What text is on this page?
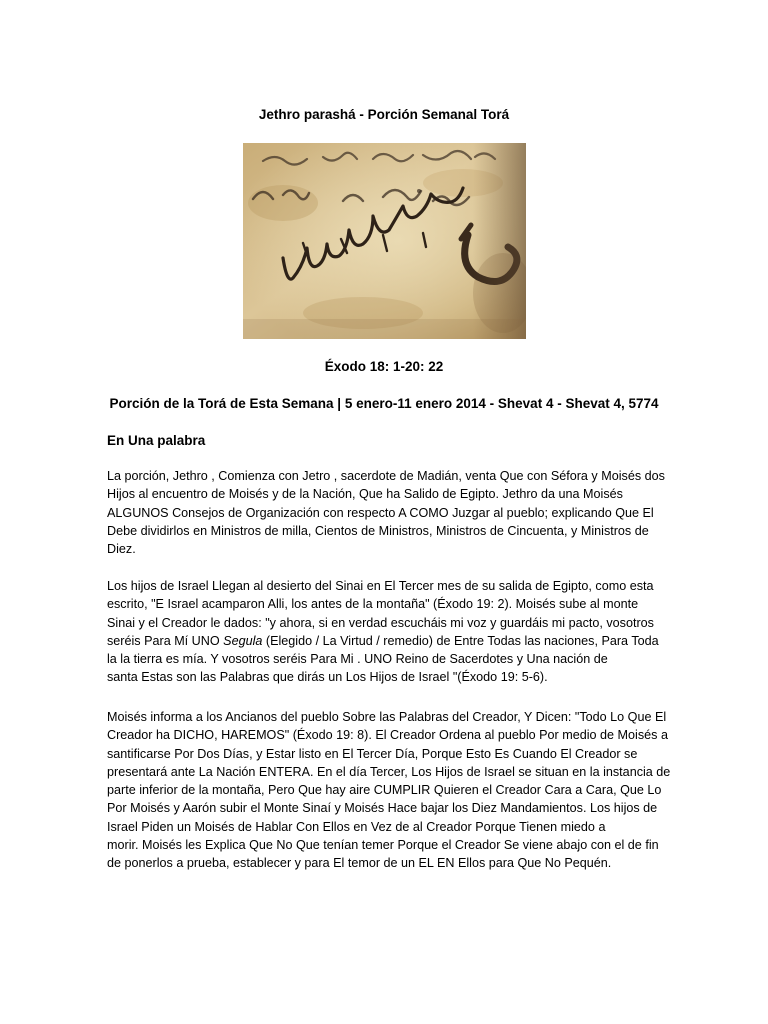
Jethro parashá - Porción Semanal Torá
Éxodo 18: 1-20: 22
Porción de la Torá de Esta Semana | 5 enero-11 enero 2014 - Shevat 4 - Shevat 4, 5774
En Una palabra
La porción, Jethro , Comienza con Jetro , sacerdote de Madián, venta Que con Séfora y Moisés dos
Hijos al encuentro de Moisés y de la Nación, Que ha Salido de Egipto. Jethro da una Moisés
ALGUNOS Consejos de Organización con respecto A COMO Juzgar al pueblo; explicando Que El
Debe dividirlos en Ministros de milla, Cientos de Ministros, Ministros de Cincuenta, y Ministros de
Diez.
Los hijos de Israel Llegan al desierto del Sinai en El Tercer mes de su salida de Egipto, como esta
escrito, "E Israel acamparon Alli, los antes de la montaña" (Éxodo 19: 2). Moisés sube al monte
Sinai y el Creador le dados: "y ahora, si en verdad escucháis mi voz y guardáis mi pacto, vosotros
seréis Para Mí UNO Segula (Elegido / La Virtud / remedio) de Entre Todas las naciones, Para Toda
la la tierra es mía. Y vosotros seréis Para Mi . UNO Reino de Sacerdotes y Una nación de
santa Estas son las Palabras que dirás un Los Hijos de Israel "(Éxodo 19: 5-6).
Moisés informa a los Ancianos del pueblo Sobre las Palabras del Creador, Y Dicen: "Todo Lo Que El
Creador ha DICHO, HAREMOS" (Éxodo 19: 8). El Creador Ordena al pueblo Por medio de Moisés a
santificarse Por Dos Días, y Estar listo en El Tercer Día, Porque Esto Es Cuando El Creador se
presentará ante La Nación ENTERA. En el día Tercer, Los Hijos de Israel se situan en la instancia de
parte inferior de la montaña, Pero Que hay aire CUMPLIR Quieren el Creador Cara a Cara, Que Lo
Por Moisés y Aarón subir el Monte Sinaí y Moisés Hace bajar los Diez Mandamientos. Los hijos de
Israel Piden un Moisés de Hablar Con Ellos en Vez de al Creador Porque Tienen miedo a
morir. Moisés les Explica Que No Que tenían temer Porque el Creador Se viene abajo con el de fin
de ponerlos a prueba, establecer y para El temor de un EL EN Ellos para Que No Pequén.
